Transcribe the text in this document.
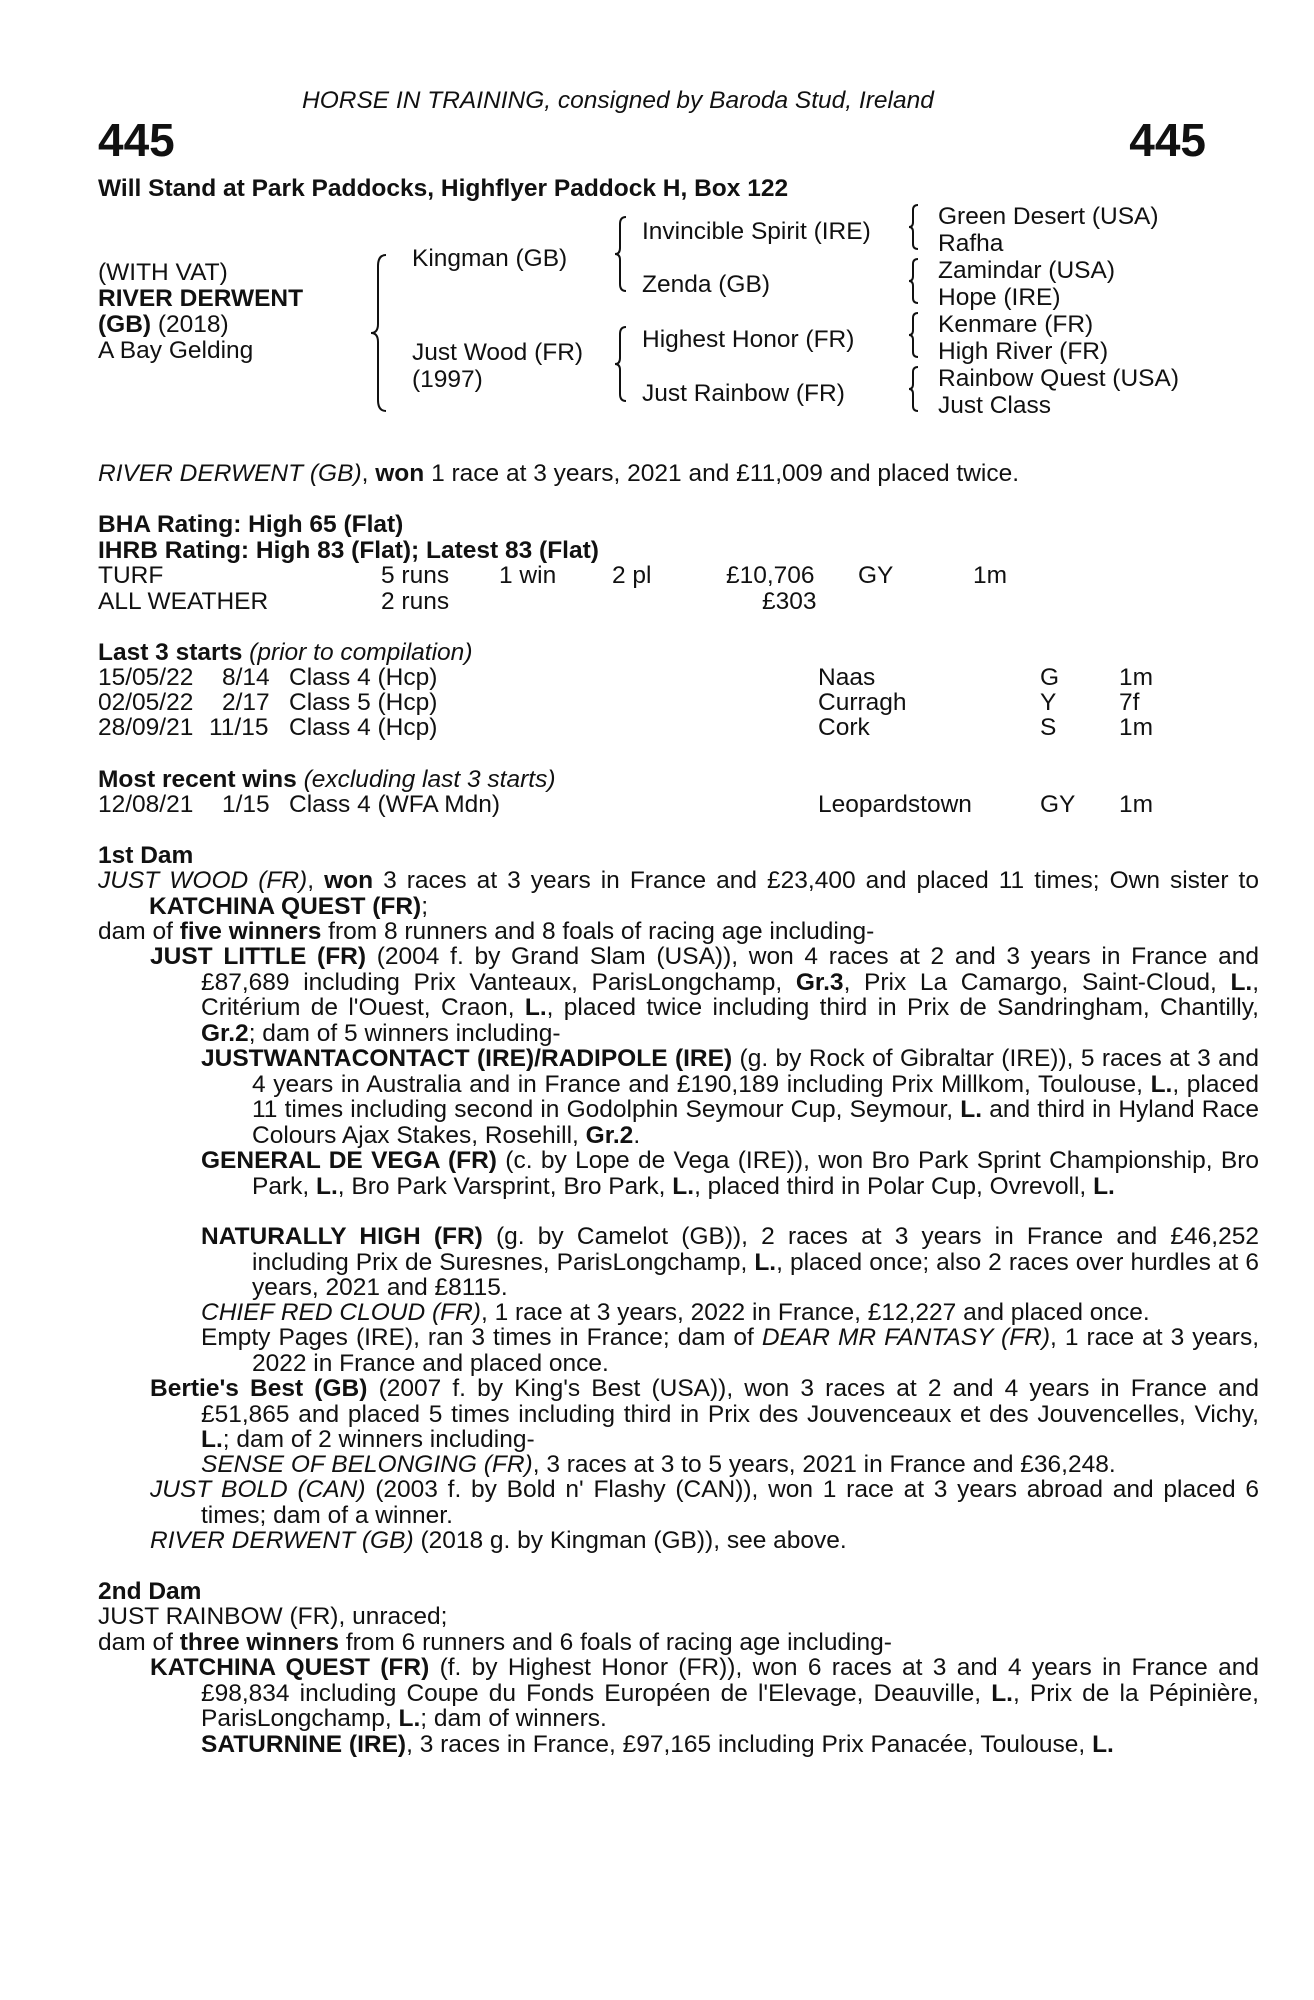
HORSE IN TRAINING, consigned by Baroda Stud, Ireland
445	445
Will Stand at Park Paddocks, Highflyer Paddock H, Box 122
(WITH VAT)
RIVER DERWENT
(GB) (2018)
A Bay Gelding
Kingman (GB)
Just Wood (FR)
(1997)
Invincible Spirit (IRE)
Zenda (GB)
Highest Honor (FR)
Just Rainbow (FR)
Green Desert (USA)
Rafha
Zamindar (USA)
Hope (IRE)
Kenmare (FR)
High River (FR)
Rainbow Quest (USA)
Just Class
RIVER DERWENT (GB), won 1 race at 3 years, 2021 and £11,009 and placed twice.
BHA Rating: High 65 (Flat)
IHRB Rating: High 83 (Flat); Latest 83 (Flat)
TURF	5 runs 1 win 2 pl	£10,706 GY	1m
ALL WEATHER	2 runs	£303
Last 3 starts (prior to compilation)
15/05/22 8/14 Class 4 (Hcp)	Naas	G 1m
02/05/22 2/17 Class 5 (Hcp)	Curragh	Y	7f
28/09/21 11/15 Class 4 (Hcp)	Cork	S	1m
Most recent wins (excluding last 3 starts)
12/08/21 1/15 Class 4 (WFA Mdn)	Leopardstown	GY 1m
1st Dam
JUST WOOD (FR), won 3 races at 3 years in France and £23,400 and placed 11 times; Own sister to KATCHINA QUEST (FR);
dam of five winners from 8 runners and 8 foals of racing age including-
JUST LITTLE (FR) (2004 f. by Grand Slam (USA)), won 4 races at 2 and 3 years in France and £87,689 including Prix Vanteaux, ParisLongchamp, Gr.3, Prix La Camargo, Saint-Cloud, L., Critérium de l'Ouest, Craon, L., placed twice including third in Prix de Sandringham, Chantilly, Gr.2; dam of 5 winners including-
JUSTWANTACONTACT (IRE)/RADIPOLE (IRE) (g. by Rock of Gibraltar (IRE)), 5 races at 3 and 4 years in Australia and in France and £190,189 including Prix Millkom, Toulouse, L., placed 11 times including second in Godolphin Seymour Cup, Seymour, L. and third in Hyland Race Colours Ajax Stakes, Rosehill, Gr.2.
GENERAL DE VEGA (FR) (c. by Lope de Vega (IRE)), won Bro Park Sprint Championship, Bro Park, L., Bro Park Varsprint, Bro Park, L., placed third in Polar Cup, Ovrevoll, L.
NATURALLY HIGH (FR) (g. by Camelot (GB)), 2 races at 3 years in France and £46,252 including Prix de Suresnes, ParisLongchamp, L., placed once; also 2 races over hurdles at 6 years, 2021 and £8115.
CHIEF RED CLOUD (FR), 1 race at 3 years, 2022 in France, £12,227 and placed once.
Empty Pages (IRE), ran 3 times in France; dam of DEAR MR FANTASY (FR), 1 race at 3 years, 2022 in France and placed once.
Bertie's Best (GB) (2007 f. by King's Best (USA)), won 3 races at 2 and 4 years in France and £51,865 and placed 5 times including third in Prix des Jouvenceaux et des Jouvencelles, Vichy, L.; dam of 2 winners including-
SENSE OF BELONGING (FR), 3 races at 3 to 5 years, 2021 in France and £36,248.
JUST BOLD (CAN) (2003 f. by Bold n' Flashy (CAN)), won 1 race at 3 years abroad and placed 6 times; dam of a winner.
RIVER DERWENT (GB) (2018 g. by Kingman (GB)), see above.
2nd Dam
JUST RAINBOW (FR), unraced;
dam of three winners from 6 runners and 6 foals of racing age including-
KATCHINA QUEST (FR) (f. by Highest Honor (FR)), won 6 races at 3 and 4 years in France and £98,834 including Coupe du Fonds Européen de l'Elevage, Deauville, L., Prix de la Pépinière, ParisLongchamp, L.; dam of winners.
SATURNINE (IRE), 3 races in France, £97,165 including Prix Panacée, Toulouse, L.
